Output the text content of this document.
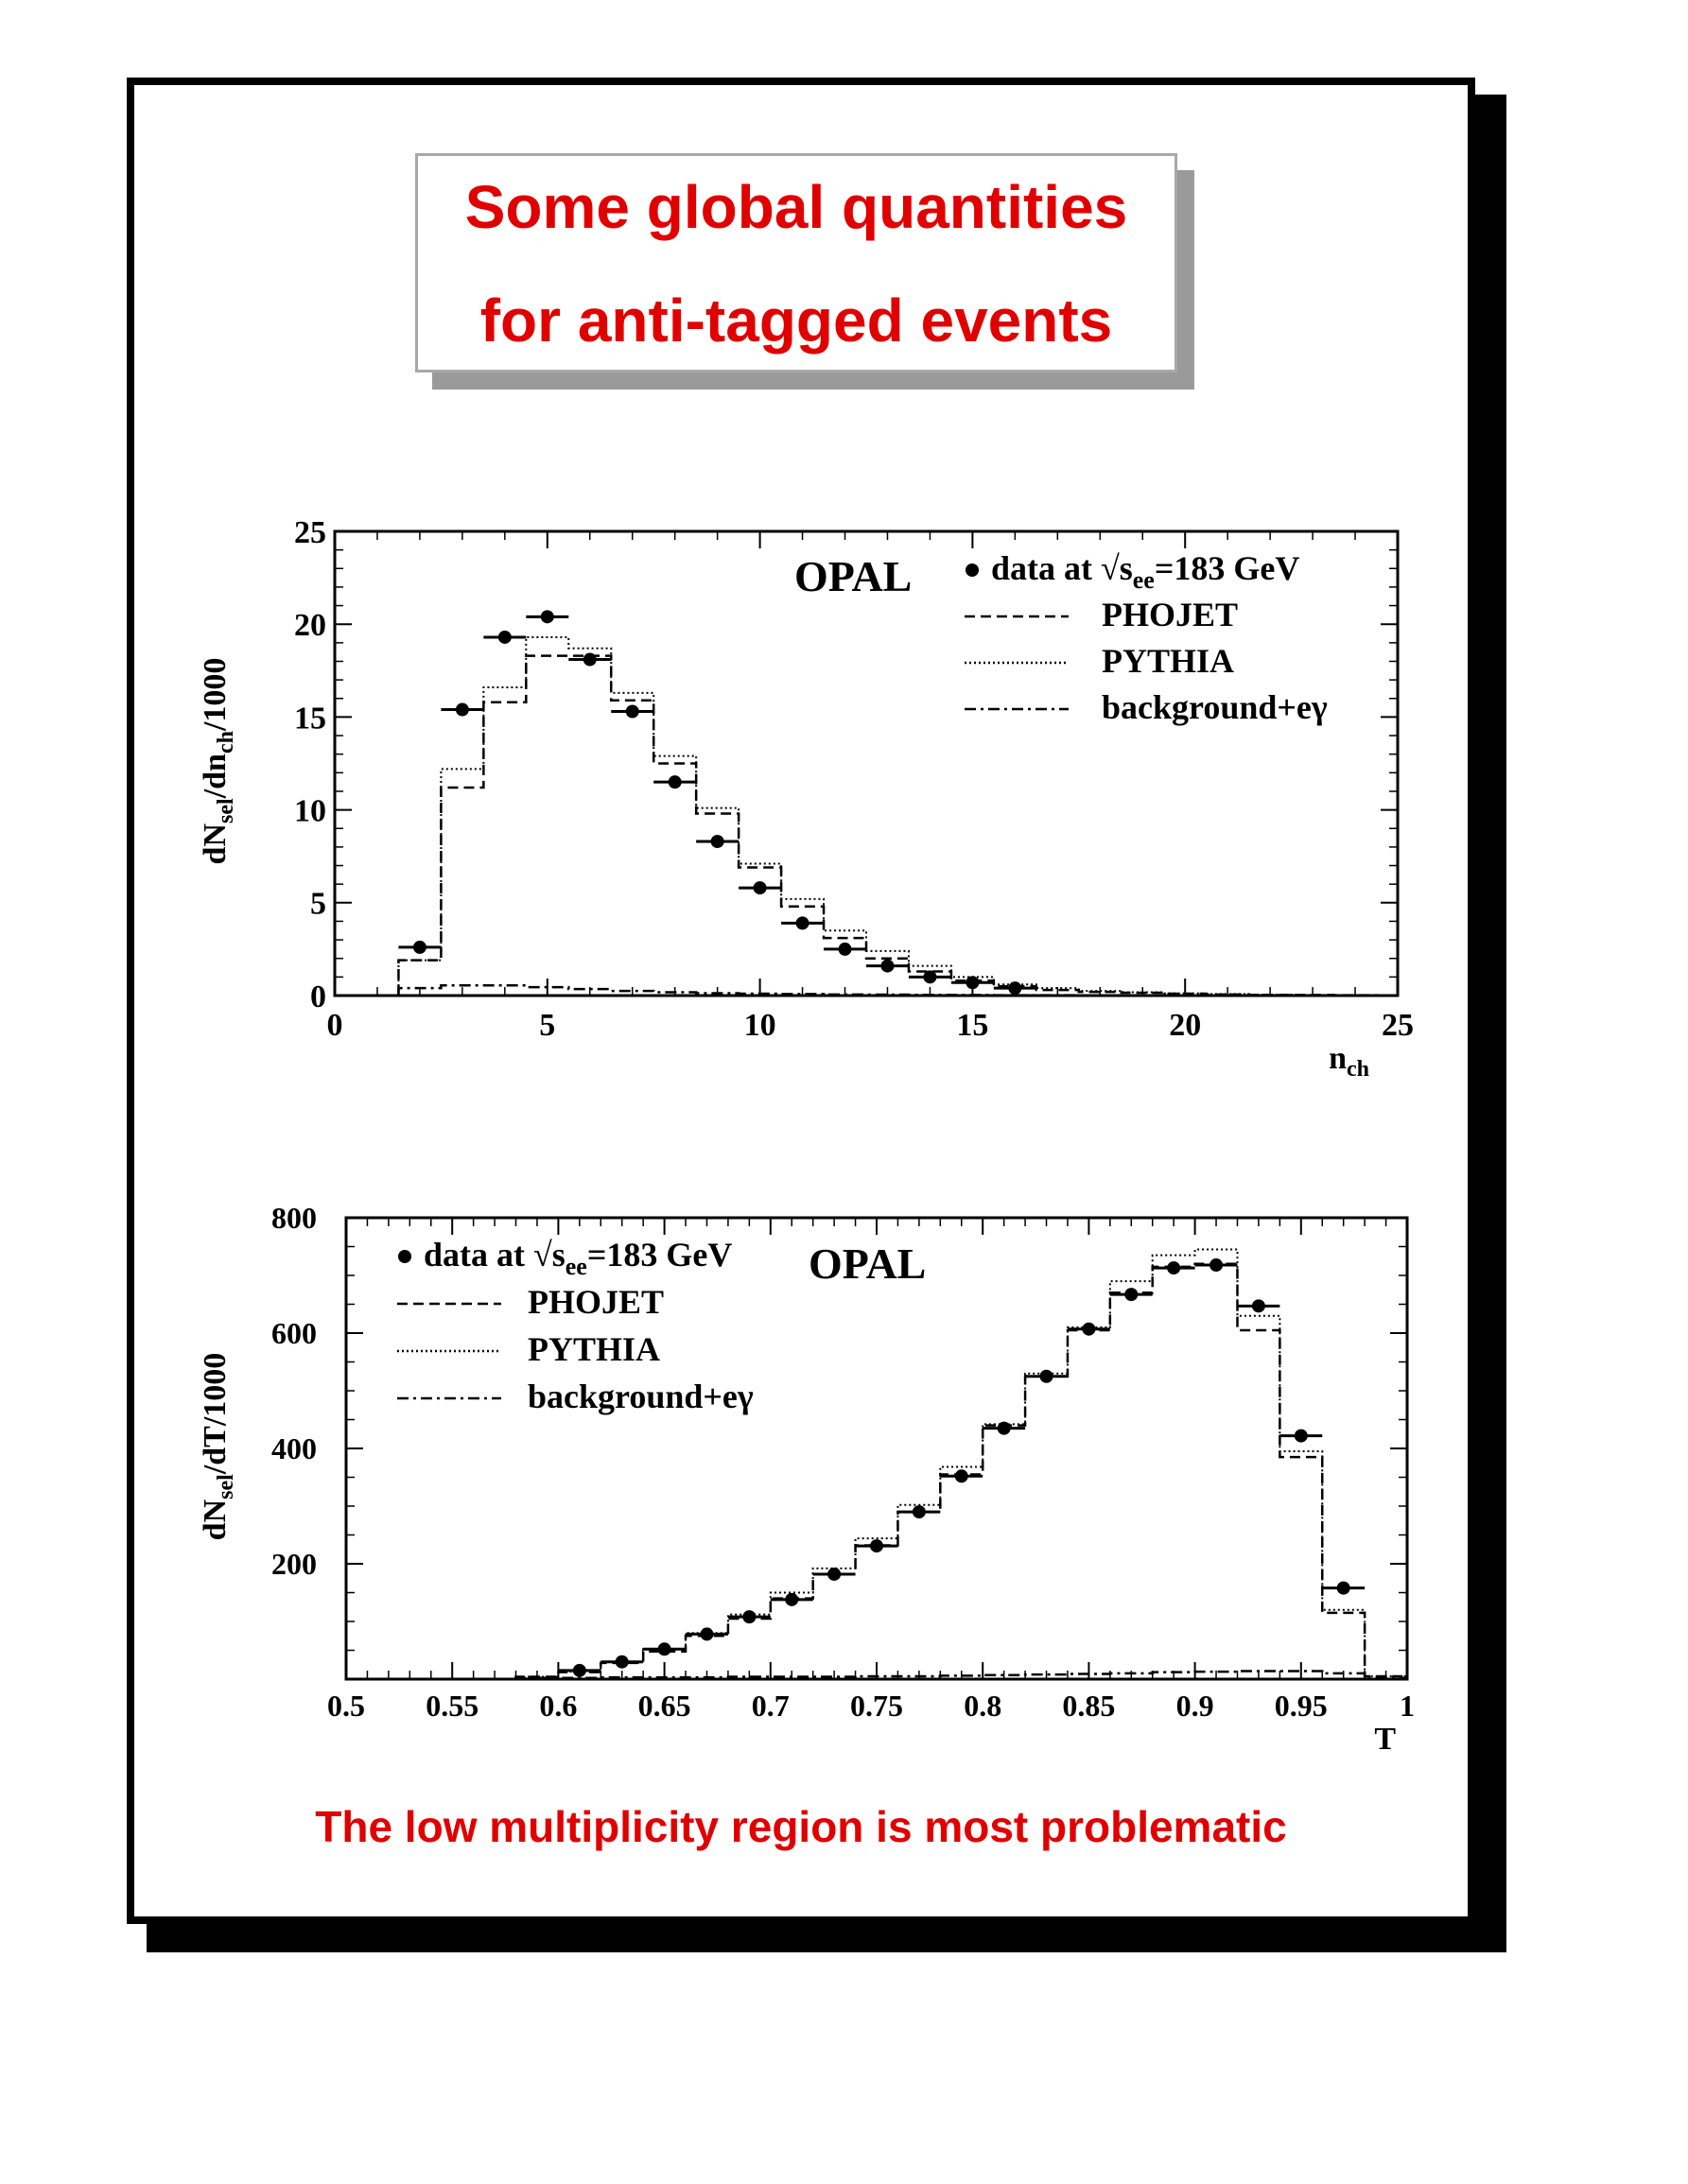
Some global quantities
for anti-tagged events
0	5	10	15	20	25
0
5
10
15
20
25
$dN_{sel}/dn_{ch}/1000$
$n_{ch}$
OPAL data at $√s_{ee}=183$ GeV
PHOJET
PYTHIA
background+eγ
0.5 0.55 0.6 0.65 0.7 0.75 0.8 0.85 0.9 0.95 1
200
400
600
800
$dN_{sel}/dT/1000$
T
OPAL
data at $√s_{ee}=183$ GeV
PHOJET
PYTHIA
background+eγ
The low multiplicity region is most problematic
